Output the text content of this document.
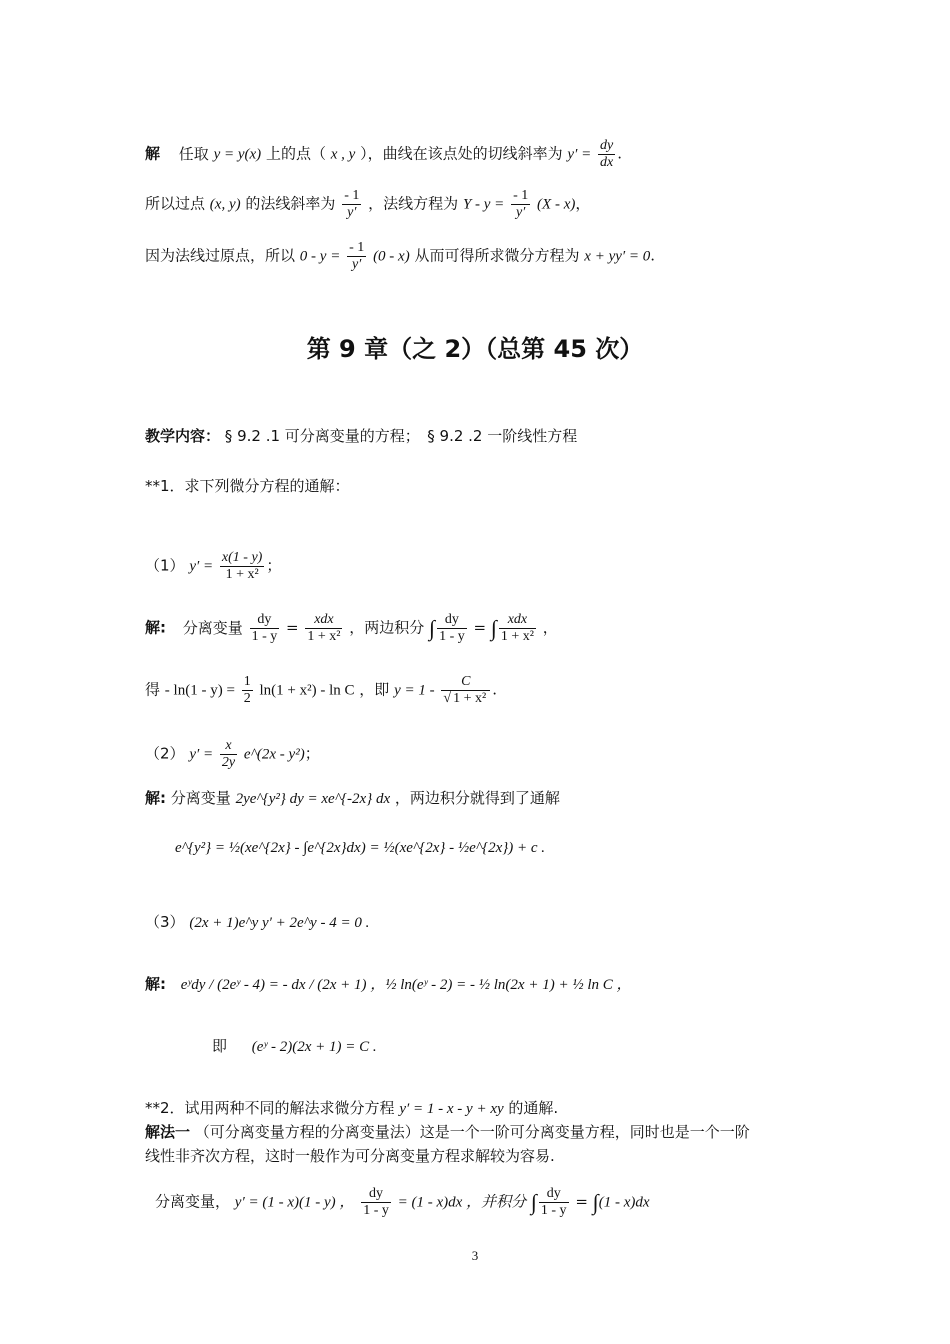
解 任取 y = y(x) 上的点（ x , y ），曲线在该点处的切线斜率为 $y' = \frac{dy}{dx}$ .
所以过点 (x, y) 的法线斜率为 $\frac{- 1}{y'}$ ，法线方程为 $Y - y = \frac{- 1}{y'} (X - x)$，
因为法线过原点，所以 $0 - y = \frac{- 1}{y'} (0 - x)$ 从而可得所求微分方程为 x + yy′ = 0.
第 9 章（之 2）（总第 45 次）
教学内容： § 9.2 .1 可分离变量的方程；　§ 9.2 .2 一阶线性方程
**1．求下列微分方程的通解：
（1） $y' = \frac{x(1 - y)}{\text{1 + x²}}$ ；
解: 分离变量 $\frac{dy}{1 - y} = \frac{\text{xdx}}{\text{1 + x²}}$ ，两边积分 ∫ $\frac{dy}{1 - y}$ = ∫ $\frac{\text{xdx}}{\text{1 + x²}}$ ，
得 - $\ln(1 - y) = \frac{1}{2} \ln(1 + x^2) - \ln C$ ，即 $y = 1 - \frac{C}{\text{√ 1 + x²}}$ .
（2） $y' = \frac{x}{2y}$ e^(2x - y²)；
解: 分离变量 2ye^{y²} dy = xe^{-2x} dx ，两边积分就得到了通解
e^{y²} = ½(xe^{2x} - ∫e^{2x}dx) = ½(xe^{2x} - ½e^{2x}) + c .
（3） (2x + 1)e^y y′ + 2e^y - 4 = 0 .
解: eʸdy / (2eʸ - 4) = - dx / (2x + 1) ，½ ln(eʸ - 2) = - ½ ln(2x + 1) + ½ ln C ，
即 (eʸ - 2)(2x + 1) = C .
**2．试用两种不同的解法求微分方程 y′ = 1 - x - y + xy 的通解.
解法一 （可分离变量方程的分离变量法）这是一个一阶可分离变量方程，同时也是一个一阶
线性非齐次方程，这时一般作为可分离变量方程求解较为容易.
分离变量， y′ = (1 - x)(1 - y) ， $\frac{dy}{1 - y} = (1 - x)dx$ ，并积分 ∫ $\frac{dy}{1 - y} = \int(1 - x)dx$
3
